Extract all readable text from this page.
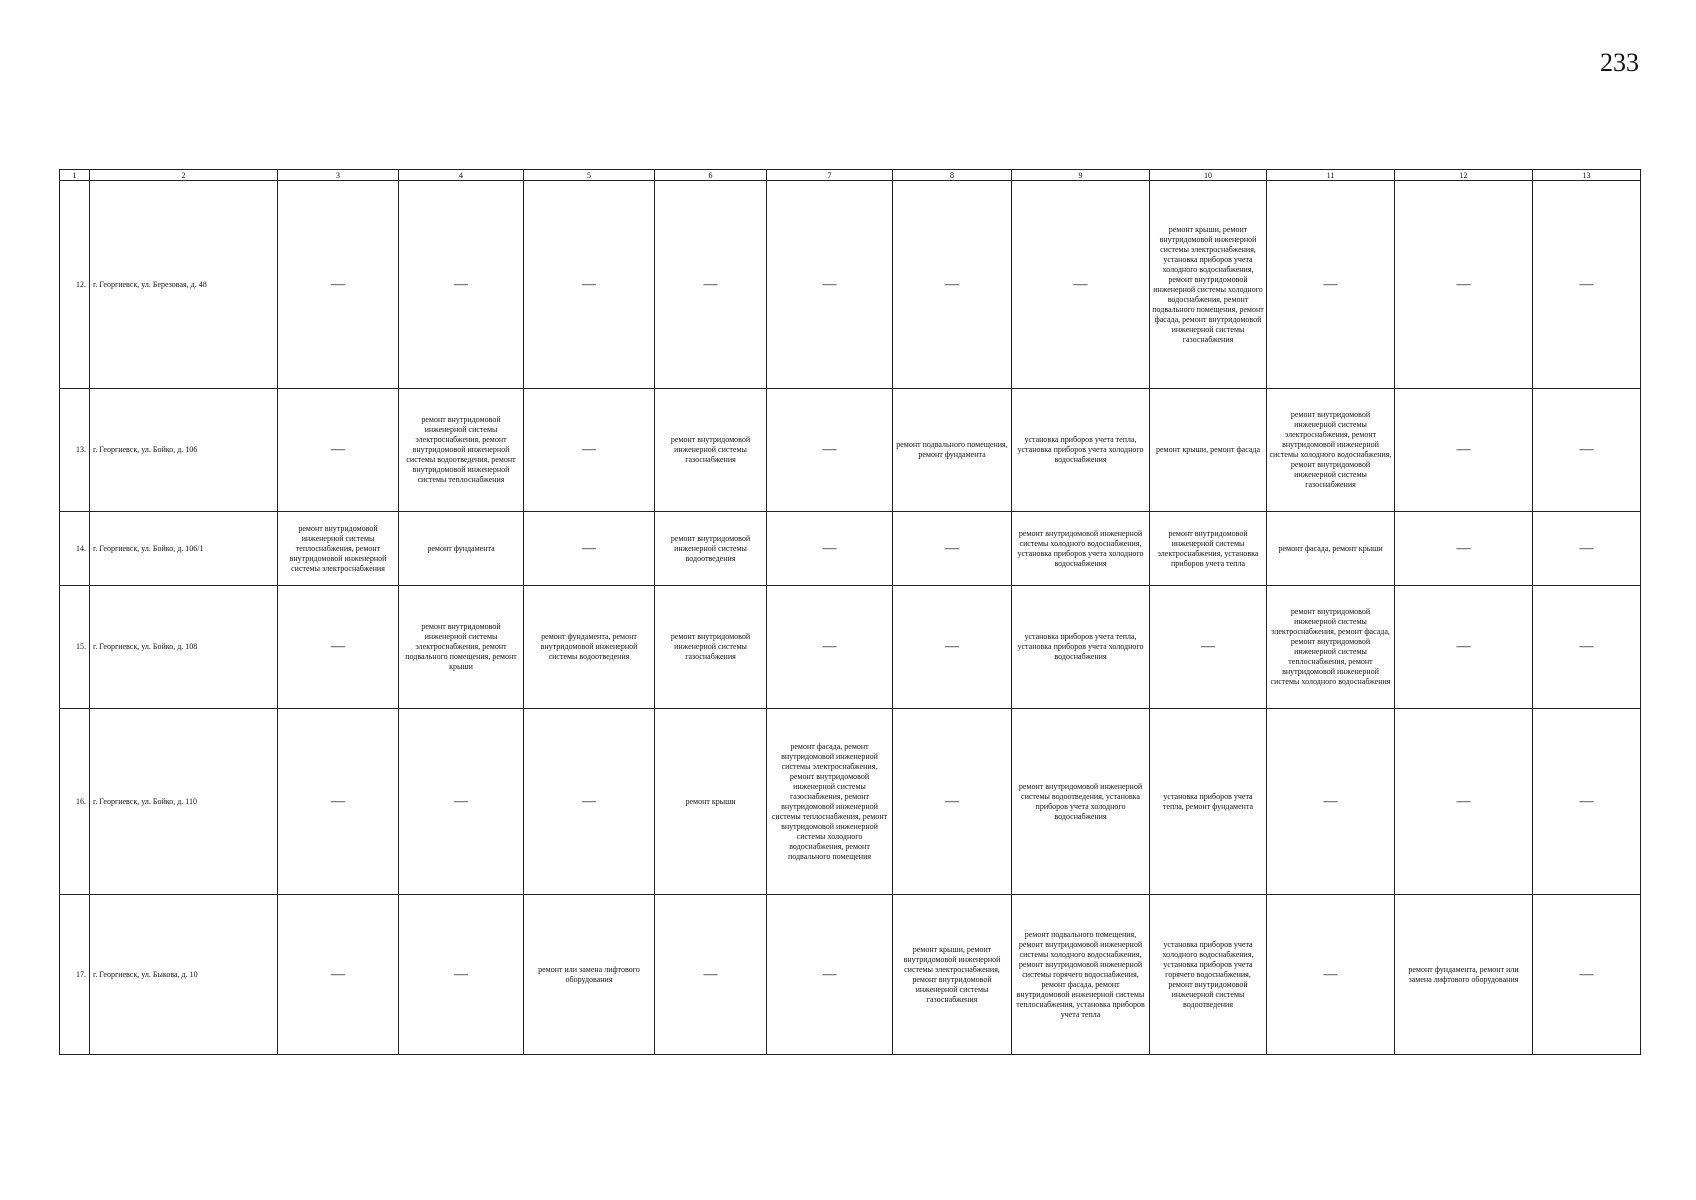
233
1	2	3	4	5	6	7	8	9	10	11	12	13
12.	г. Георгиевск, ул. Березовая, д. 48	—	—	—	—	—	—	—	ремонт крыши, ремонт внутридомовой инженерной системы электроснабжения, установка приборов учета холодного водоснабжения, ремонт внутридомовой инженерной системы холодного водоснабжения, ремонт подвального помещения, ремонт фасада, ремонт внутридомовой инженерной системы газоснабжения	—	—	—
13.	г. Георгиевск, ул. Бойко, д. 106	—	ремонт внутридомовой инженерной системы электроснабжения, ремонт внутридомовой инженерной системы водоотведения, ремонт внутридомовой инженерной системы теплоснабжения	—	ремонт внутридомовой инженерной системы газоснабжения	—	ремонт подвального помещения, ремонт фундамента	установка приборов учета тепла, установка приборов учета холодного водоснабжения	ремонт крыши, ремонт фасада	ремонт внутридомовой инженерной системы электроснабжения, ремонт внутридомовой инженерной системы холодного водоснабжения, ремонт внутридомовой инженерной системы газоснабжения	—	—
14.	г. Георгиевск, ул. Бойко, д. 106/1	ремонт внутридомовой инженерной системы теплоснабжения, ремонт внутридомовой инженерной системы электроснабжения	ремонт фундамента	—	ремонт внутридомовой инженерной системы водоотведения	—	—	ремонт внутридомовой инженерной системы холодного водоснабжения, установка приборов учета холодного водоснабжения	ремонт внутридомовой инженерной системы электроснабжения, установка приборов учета тепла	ремонт фасада, ремонт крыши	—	—
15.	г. Георгиевск, ул. Бойко, д. 108	—	ремонт внутридомовой инженерной системы электроснабжения, ремонт подвального помещения, ремонт крыши	ремонт фундамента, ремонт внутридомовой инженерной системы водоотведения	ремонт внутридомовой инженерной системы газоснабжения	—	—	установка приборов учета тепла, установка приборов учета холодного водоснабжения	—	ремонт внутридомовой инженерной системы электроснабжения, ремонт фасада, ремонт внутридомовой инженерной системы теплоснабжения, ремонт внутридомовой инженерной системы холодного водоснабжения	—	—
16.	г. Георгиевск, ул. Бойко, д. 110	—	—	—	ремонт крыши	ремонт фасада, ремонт внутридомовой инженерной системы электроснабжения, ремонт внутридомовой инженерной системы газоснабжения, ремонт внутридомовой инженерной системы теплоснабжения, ремонт внутридомовой инженерной системы холодного водоснабжения, ремонт подвального помещения	—	ремонт внутридомовой инженерной системы водоотведения, установка приборов учета холодного водоснабжения	установка приборов учета тепла, ремонт фундамента	—	—	—
17.	г. Георгиевск, ул. Быкова, д. 10	—	—	ремонт или замена лифтового оборудования	—	—	ремонт крыши, ремонт внутридомовой инженерной системы электроснабжения, ремонт внутридомовой инженерной системы газоснабжения	ремонт подвального помещения, ремонт внутридомовой инженерной системы холодного водоснабжения, ремонт внутридомовой инженерной системы горячего водоснабжения, ремонт фасада, ремонт внутридомовой инженерной системы теплоснабжения, установка приборов учета тепла	установка приборов учета холодного водоснабжения, установка приборов учета горячего водоснабжения, ремонт внутридомовой инженерной системы водоотведения	—	ремонт фундамента, ремонт или замена лифтового оборудования	—
